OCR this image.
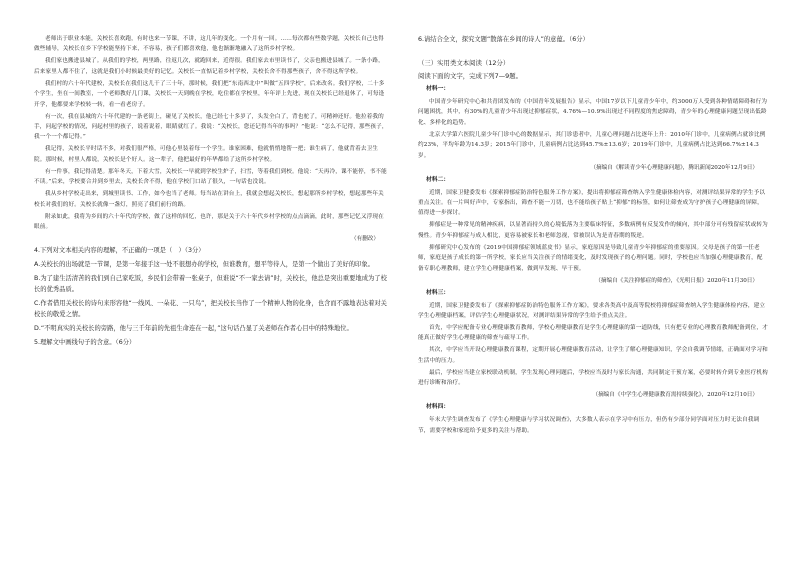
老师出于职业本能，关校长喜欢跑，有时也来一节课，不讲，这几年的变化。一个月有一回。……每次都有些数学题，关校长自己也得做些辅导，关校长在乡下学校能坚持下来，不容易，孩子们都喜欢他，他也渐渐地融入了这所乡村学校。

我们家也搬进县城了。从我们的学校，两里路，往返几次，就跑回来，近得很。我们家去市里读书了，父亲也搬进县城了。一条小路，后来家里人都不住了，这就是我们小时候最美好的记忆。关校长一直惦记着乡村学校，关校长舍不得那些孩子，舍不得这所学校。

我们村的六十年代建校，关校长在我们这儿干了三十年，那时候，我们把“东南西北中”叫做“五四学校”，后来改名。我们学校，二十多个学生，坐在一间教室，一个老师教好几门课，关校长一天到晚在学校，吃住都在学校里，年年评上先进，现在关校长已经退休了，可每逢开学，他都要来学校转一转，看一看老房子。

有一次，我在县城的六十年代建的一条老街上，碰见了关校长，他已经七十多岁了，头发全白了，背也驼了，可精神还好。他拉着我的手，问起学校的情况，问起村里的孩子，说着说着，眼睛就红了。我说：“关校长，您还记得当年的事吗？”他说：“怎么不记得，那些孩子，我一个一个都记得。”

我记得，关校长平时话不多，对我们很严格，可他心里装着每一个学生。谁家困难，他就悄悄地帮一把；谁生病了，他就背着去卫生院。那时候，村里人都说，关校长是个好人。这一辈子，他把最好的年华都给了这所乡村学校。

有一件事，我记得清楚。那年冬天，下着大雪，关校长一早就到学校生炉子，扫雪，等着我们到校。他说：“天再冷，课不能停，书不能不读。”后来，学校要合并到乡里去，关校长舍不得，他在学校门口站了很久，一句话也没说。

我从乡村学校走出来，到城里读书、工作，如今也当了老师。每当站在讲台上，我就会想起关校长，想起那所乡村学校，想起那些年关校长对我们的好。关校长就像一盏灯，照亮了我们前行的路。

附录如此，我将为乡间的六十年代的学校，做了这样的回忆，也许，那是关于六十年代乡村学校的点点滴滴，此时，那些记忆又浮现在眼前。

（有删改）

4.下列对文本相关内容的理解，不正确的一项是（　）（3分）

A.关校长的出场就是一节课，是第一年接手这一处不很想办的学校，但谁教育，想平等待人，是第一个做出了美好的印象。

B.为了建生活清苦的我们到自己家吃饭，乡民们会带着一张桌子，但谁说“不一家去请”时，关校长，他总是突出重要地成为了校长的优秀品质。

C.作者借用关校长的诗句来形容他“一线风、一朵花、一只鸟”，把关校长当作了一个精神人物的化身，也含而不露地表达着对关校长的敬爱之情。

D.“不明真实的关校长的旁路，他与三千年前的先祖生命连在一起，”这句话凸显了关老师在作者心目中的特殊地位。

5.理解文中画线句子的含意。（6分）

6.请结合全文，探究文题“散落在乡间的诗人”的意蕴。（6分）

（三）实用类文本阅读（12分）

阅读下面的文字，完成下列7—9题。

材料一：

中国青少年研究中心和共青团发布的《中国青年发展报告》显示，中国17岁以下儿童青少年中，约3000万人受到各种情绪障碍和行为问题困扰，其中，有30%的儿童青少年出现过抑郁症状，4.76%—10.9%出现过不同程度的焦虑障碍，青少年的心理健康问题呈现出低龄化、多样化的趋势。

北京大学第六医院儿童少年门诊中心的数据显示，其门诊患者中，儿童心理问题占比逐年上升：2010年门诊中，儿童病例占就诊比例约23%，平均年龄为14.3岁；2015年门诊中，儿童病例占比达到45.7%±13.6岁；2019年门诊中，儿童病例占比达到66.7%±14.3岁。

（摘编自《解读青少年心理健康问题》，腾讯新闻2020年12月9日）

材料二：

近期，国家卫健委发布《探索抑郁症防治特色服务工作方案》，提出将抑郁症筛查纳入学生健康体检内容，对测评结果异常的学生予以重点关注。在一片叫好声中，专家指出，筛查不能一刀切，也不能给孩子贴上“抑郁”的标签，如何让筛查成为守护孩子心理健康的屏障，值得进一步探讨。

抑郁症是一种常见的精神疾病，以显著而持久的心境低落为主要临床特征，多数病例有反复发作的倾向，其中部分可有残留症状或转为慢性。青少年抑郁症与成人相比，更容易被家长和老师忽视，常被误认为是青春期的叛逆。

抑郁研究中心发布的《2019中国抑郁症领域蓝皮书》显示，家庭原因是导致儿童青少年抑郁症的重要原因。父母是孩子的第一任老师，家庭是孩子成长的第一所学校，家长应当关注孩子的情绪变化，及时发现孩子的心理问题。同时，学校也应当加强心理健康教育，配备专职心理教师，建立学生心理健康档案，做到早发现、早干预。

（摘编自《关注抑郁症的筛查》，《光明日报》2020年11月30日）

材料三：

近期，国家卫健委发布了《探索抑郁症防治特色服务工作方案》，要求各类高中及高等院校将抑郁症筛查纳入学生健康体检内容，建立学生心理健康档案，评估学生心理健康状况，对测评结果异常的学生给予重点关注。

首先，中学应配备专业心理健康教育教师，学校心理健康教育是学生心理健康的第一道防线，只有把专业的心理教育教师配备到位，才能真正做好学生心理健康的筛查与疏导工作。

其次，中学应当开设心理健康教育课程，定期开展心理健康教育活动，让学生了解心理健康知识，学会自我调节情绪，正确面对学习和生活中的压力。

最后，学校应当建立家校联动机制，学生发现心理问题后，学校应当及时与家长沟通，共同制定干预方案，必要时转介到专业医疗机构进行诊断和治疗。

（摘编自《中学生心理健康教育需持续强化》，2020年12月10日）

材料四：

年末大学生调查发布了《学生心理健康与学习状况调查》，大多数人表示在学习中有压力，但仍有少部分同学面对压力时无法自我调节，需要学校和家庭给予更多的关注与帮助。
